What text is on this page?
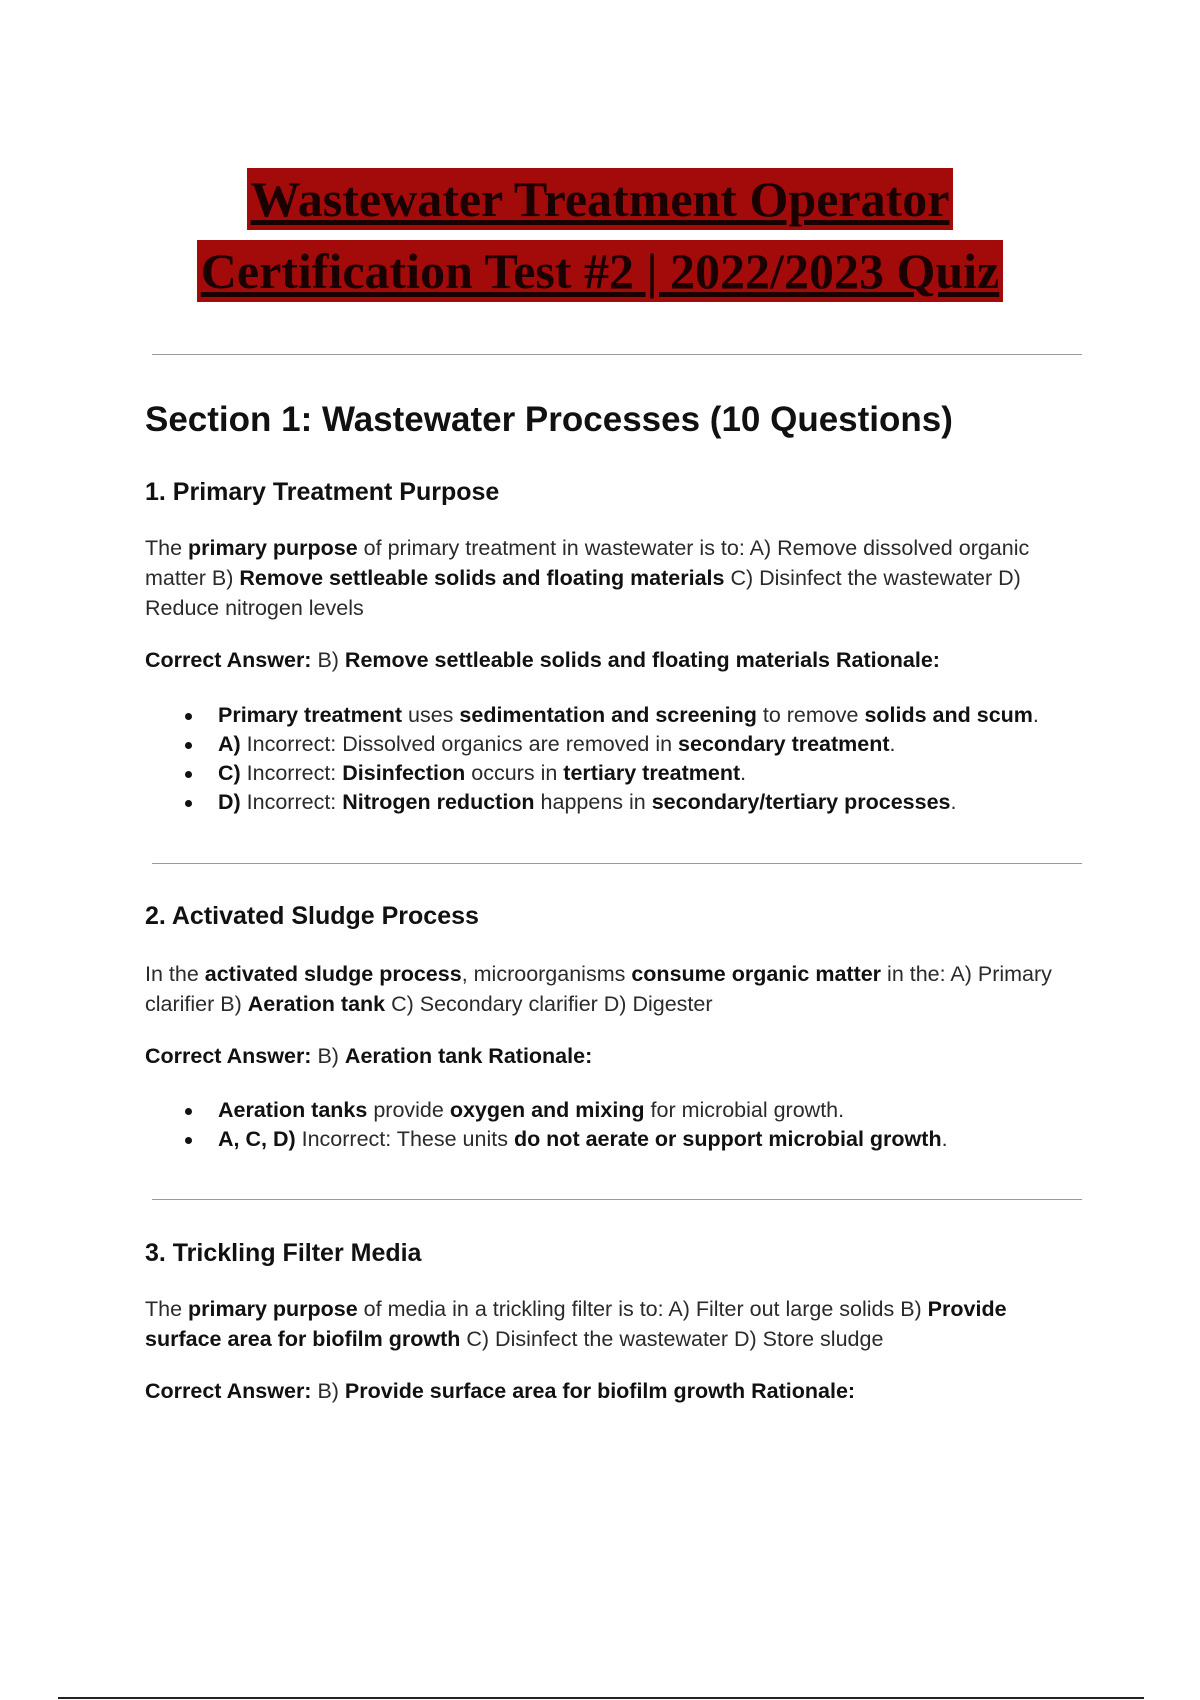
Wastewater Treatment Operator
Certification Test #2 | 2022/2023 Quiz
Section 1: Wastewater Processes (10 Questions)
1. Primary Treatment Purpose

The primary purpose of primary treatment in wastewater is to: A) Remove dissolved organic matter B) Remove settleable solids and floating materials C) Disinfect the wastewater D) Reduce nitrogen levels

Correct Answer: B) Remove settleable solids and floating materials Rationale:

Primary treatment uses sedimentation and screening to remove solids and scum.
A) Incorrect: Dissolved organics are removed in secondary treatment.
C) Incorrect: Disinfection occurs in tertiary treatment.
D) Incorrect: Nitrogen reduction happens in secondary/tertiary processes.
2. Activated Sludge Process

In the activated sludge process, microorganisms consume organic matter in the: A) Primary clarifier B) Aeration tank C) Secondary clarifier D) Digester

Correct Answer: B) Aeration tank Rationale:

Aeration tanks provide oxygen and mixing for microbial growth.
A, C, D) Incorrect: These units do not aerate or support microbial growth.
3. Trickling Filter Media

The primary purpose of media in a trickling filter is to: A) Filter out large solids B) Provide surface area for biofilm growth C) Disinfect the wastewater D) Store sludge

Correct Answer: B) Provide surface area for biofilm growth Rationale:
